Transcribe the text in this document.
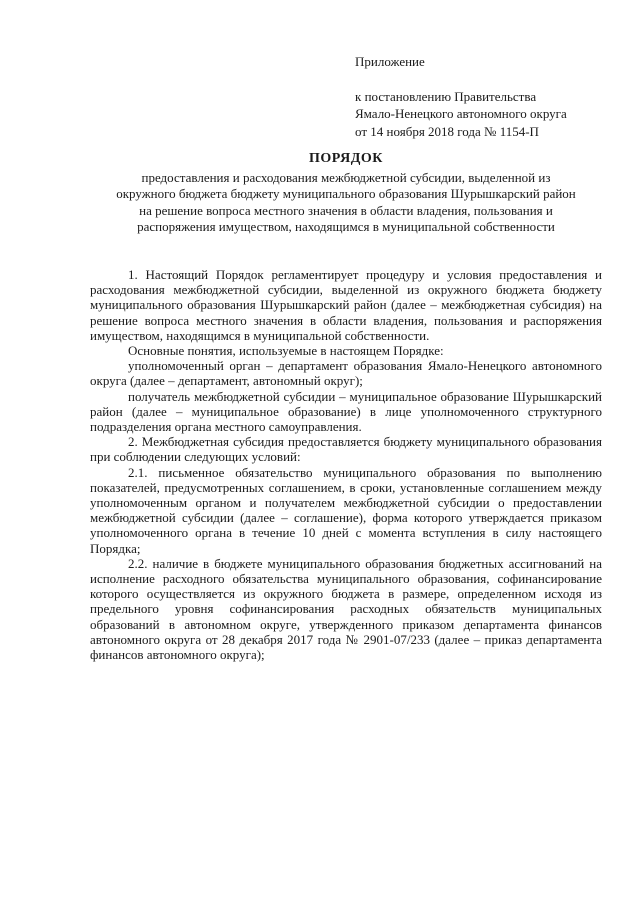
Приложение
к постановлению Правительства
Ямало-Ненецкого автономного округа
от 14 ноября 2018 года № 1154-П
ПОРЯДОК
предоставления и расходования межбюджетной субсидии, выделенной из окружного бюджета бюджету муниципального образования Шурышкарский район на решение вопроса местного значения в области владения, пользования и распоряжения имуществом, находящимся в муниципальной собственности

1. Настоящий Порядок регламентирует процедуру и условия предоставления и расходования межбюджетной субсидии, выделенной из окружного бюджета бюджету муниципального образования Шурышкарский район (далее – межбюджетная субсидия) на решение вопроса местного значения в области владения, пользования и распоряжения имуществом, находящимся в муниципальной собственности.

Основные понятия, используемые в настоящем Порядке:

уполномоченный орган – департамент образования Ямало-Ненецкого автономного округа (далее – департамент, автономный округ);

получатель межбюджетной субсидии – муниципальное образование Шурышкарский район (далее – муниципальное образование) в лице уполномоченного структурного подразделения органа местного самоуправления.

2. Межбюджетная субсидия предоставляется бюджету муниципального образования при соблюдении следующих условий:

2.1. письменное обязательство муниципального образования по выполнению показателей, предусмотренных соглашением, в сроки, установленные соглашением между уполномоченным органом и получателем межбюджетной субсидии о предоставлении межбюджетной субсидии (далее – соглашение), форма которого утверждается приказом уполномоченного органа в течение 10 дней с момента вступления в силу настоящего Порядка;

2.2. наличие в бюджете муниципального образования бюджетных ассигнований на исполнение расходного обязательства муниципального образования, софинансирование которого осуществляется из окружного бюджета в размере, определенном исходя из предельного уровня софинансирования расходных обязательств муниципальных образований в автономном округе, утвержденного приказом департамента финансов автономного округа от 28 декабря 2017 года № 2901-07/233 (далее – приказ департамента финансов автономного округа);
